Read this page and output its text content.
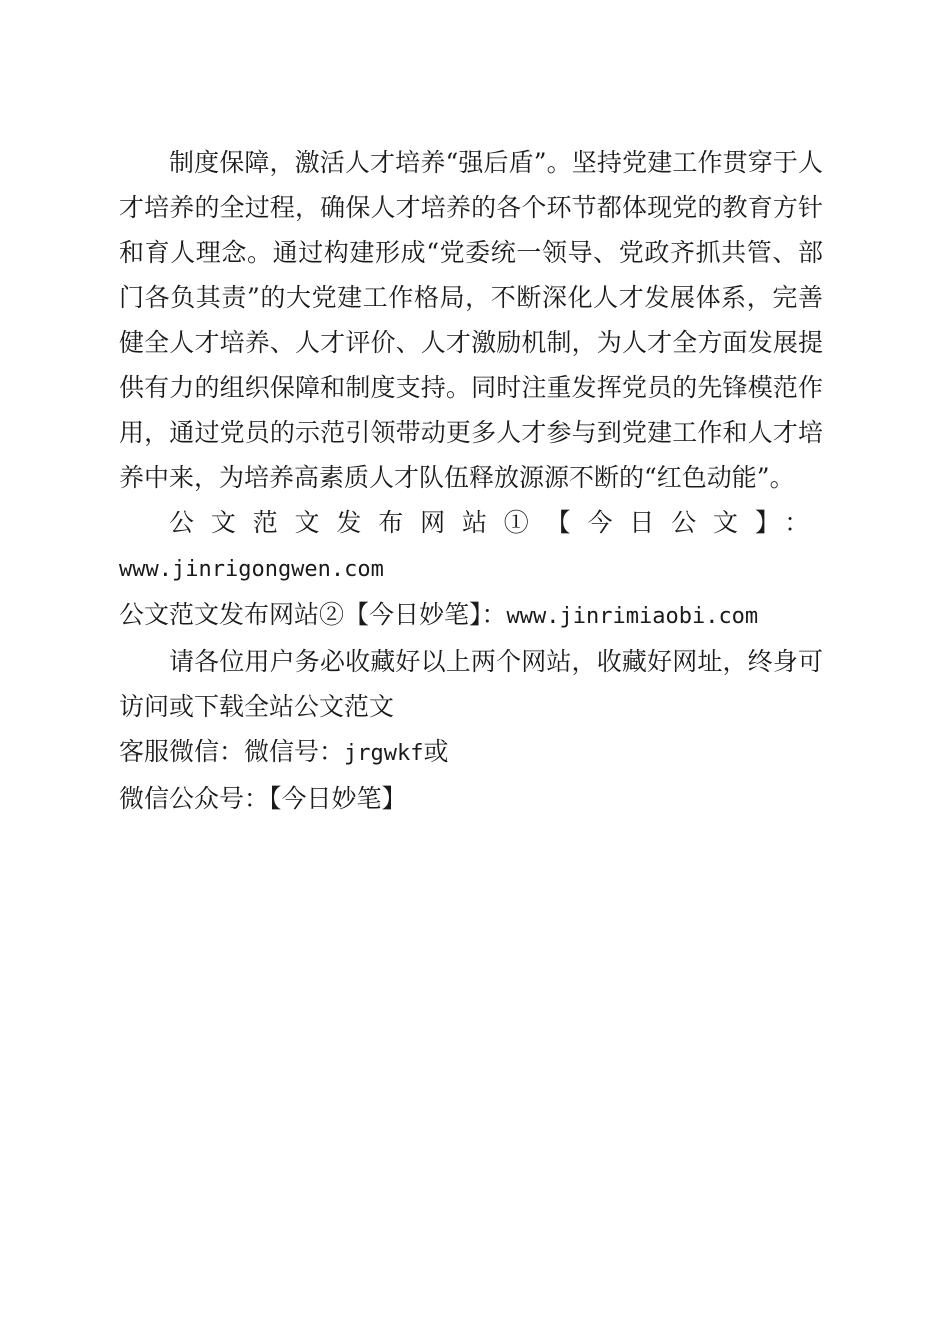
制度保障，激活人才培养“强后盾”。坚持党建工作贯穿于人才培养的全过程，确保人才培养的各个环节都体现党的教育方针和育人理念。通过构建形成“党委统一领导、党政齐抓共管、部门各负其责”的大党建工作格局，不断深化人才发展体系，完善健全人才培养、人才评价、人才激励机制，为人才全方面发展提供有力的组织保障和制度支持。同时注重发挥党员的先锋模范作用，通过党员的示范引领带动更多人才参与到党建工作和人才培养中来，为培养高素质人才队伍释放源源不断的“红色动能”。

公文范文发布网站①【今日公文】： www.jinrigongwen.com

公文范文发布网站②【今日妙笔】：www.jinrimiaobi.com

请各位用户务必收藏好以上两个网站，收藏好网址，终身可访问或下载全站公文范文

客服微信：微信号：jrgwkf或

微信公众号：【今日妙笔】
